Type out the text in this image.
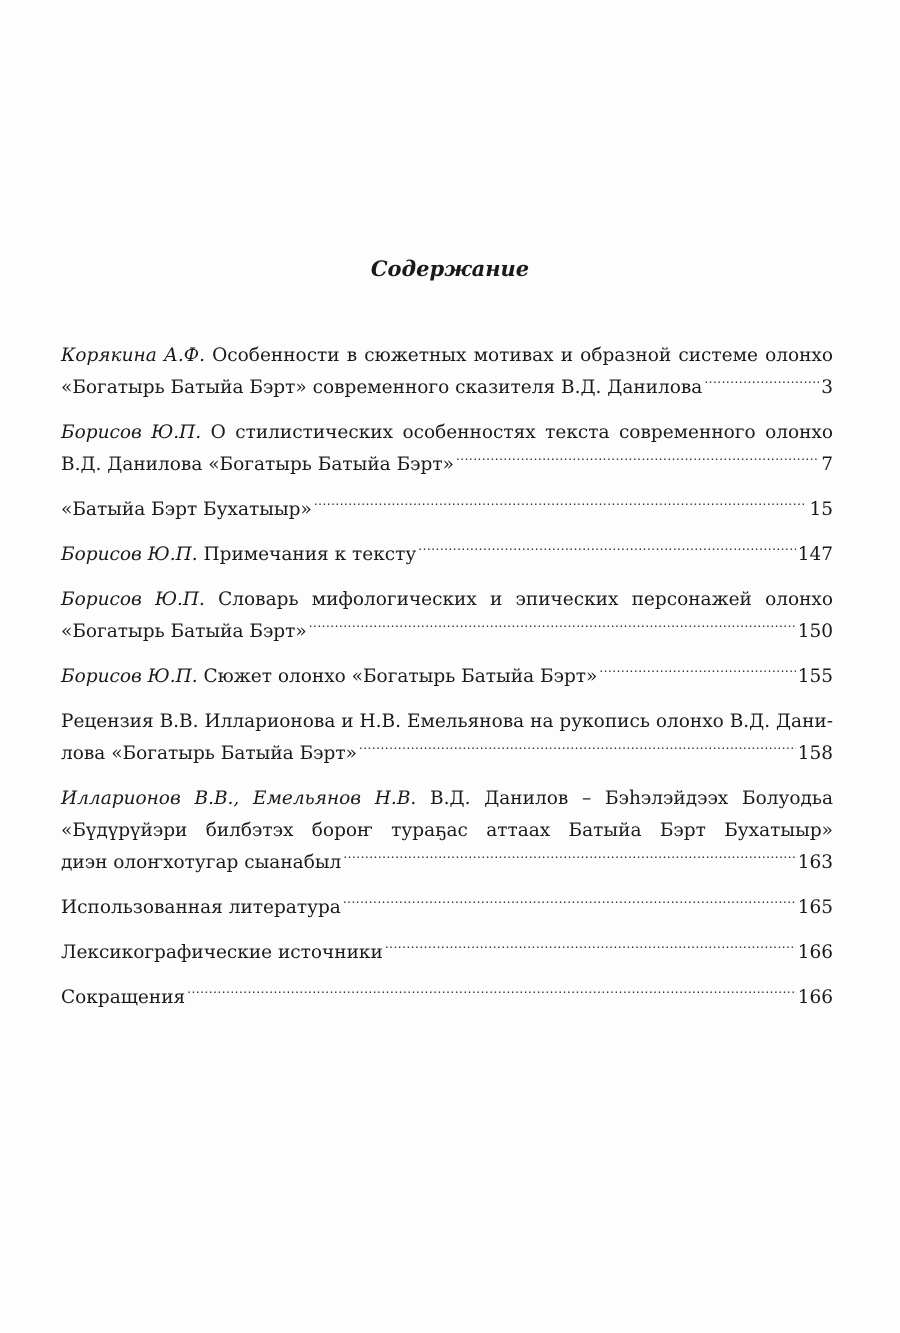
Содержание
Корякина А.Ф. Особенности в сюжетных мотивах и образной системе олонхо
«Богатырь Батыйа Бэрт» современного сказителя В.Д. Данилова .....	3
Борисов Ю.П. О стилистических особенностях текста современного олонхо
В.Д. Данилова «Богатырь Батыйа Бэрт» .....	7
«Батыйа Бэрт Бухатыыр» .....	15
Борисов Ю.П. Примечания к тексту .....	147
Борисов Ю.П. Словарь мифологических и эпических персонажей олонхо
«Богатырь Батыйа Бэрт» .....	150
Борисов Ю.П. Сюжет олонхо «Богатырь Батыйа Бэрт» .....	155
Рецензия В.В. Илларионова и Н.В. Емельянова на рукопись олонхо В.Д. Дани-
лова «Богатырь Батыйа Бэрт» .....	158
Илларионов В.В., Емельянов Н.В. В.Д. Данилов – Бэһэлэйдээх Болуодьа
«Бүдүрүйэри билбэтэх бороҥ тураҕас аттаах Батыйа Бэрт Бухатыыр»
диэн олоҥхотугар сыанабыл .....	163
Использованная литература .....	165
Лексикографические источники .....	166
Сокращения .....	166
